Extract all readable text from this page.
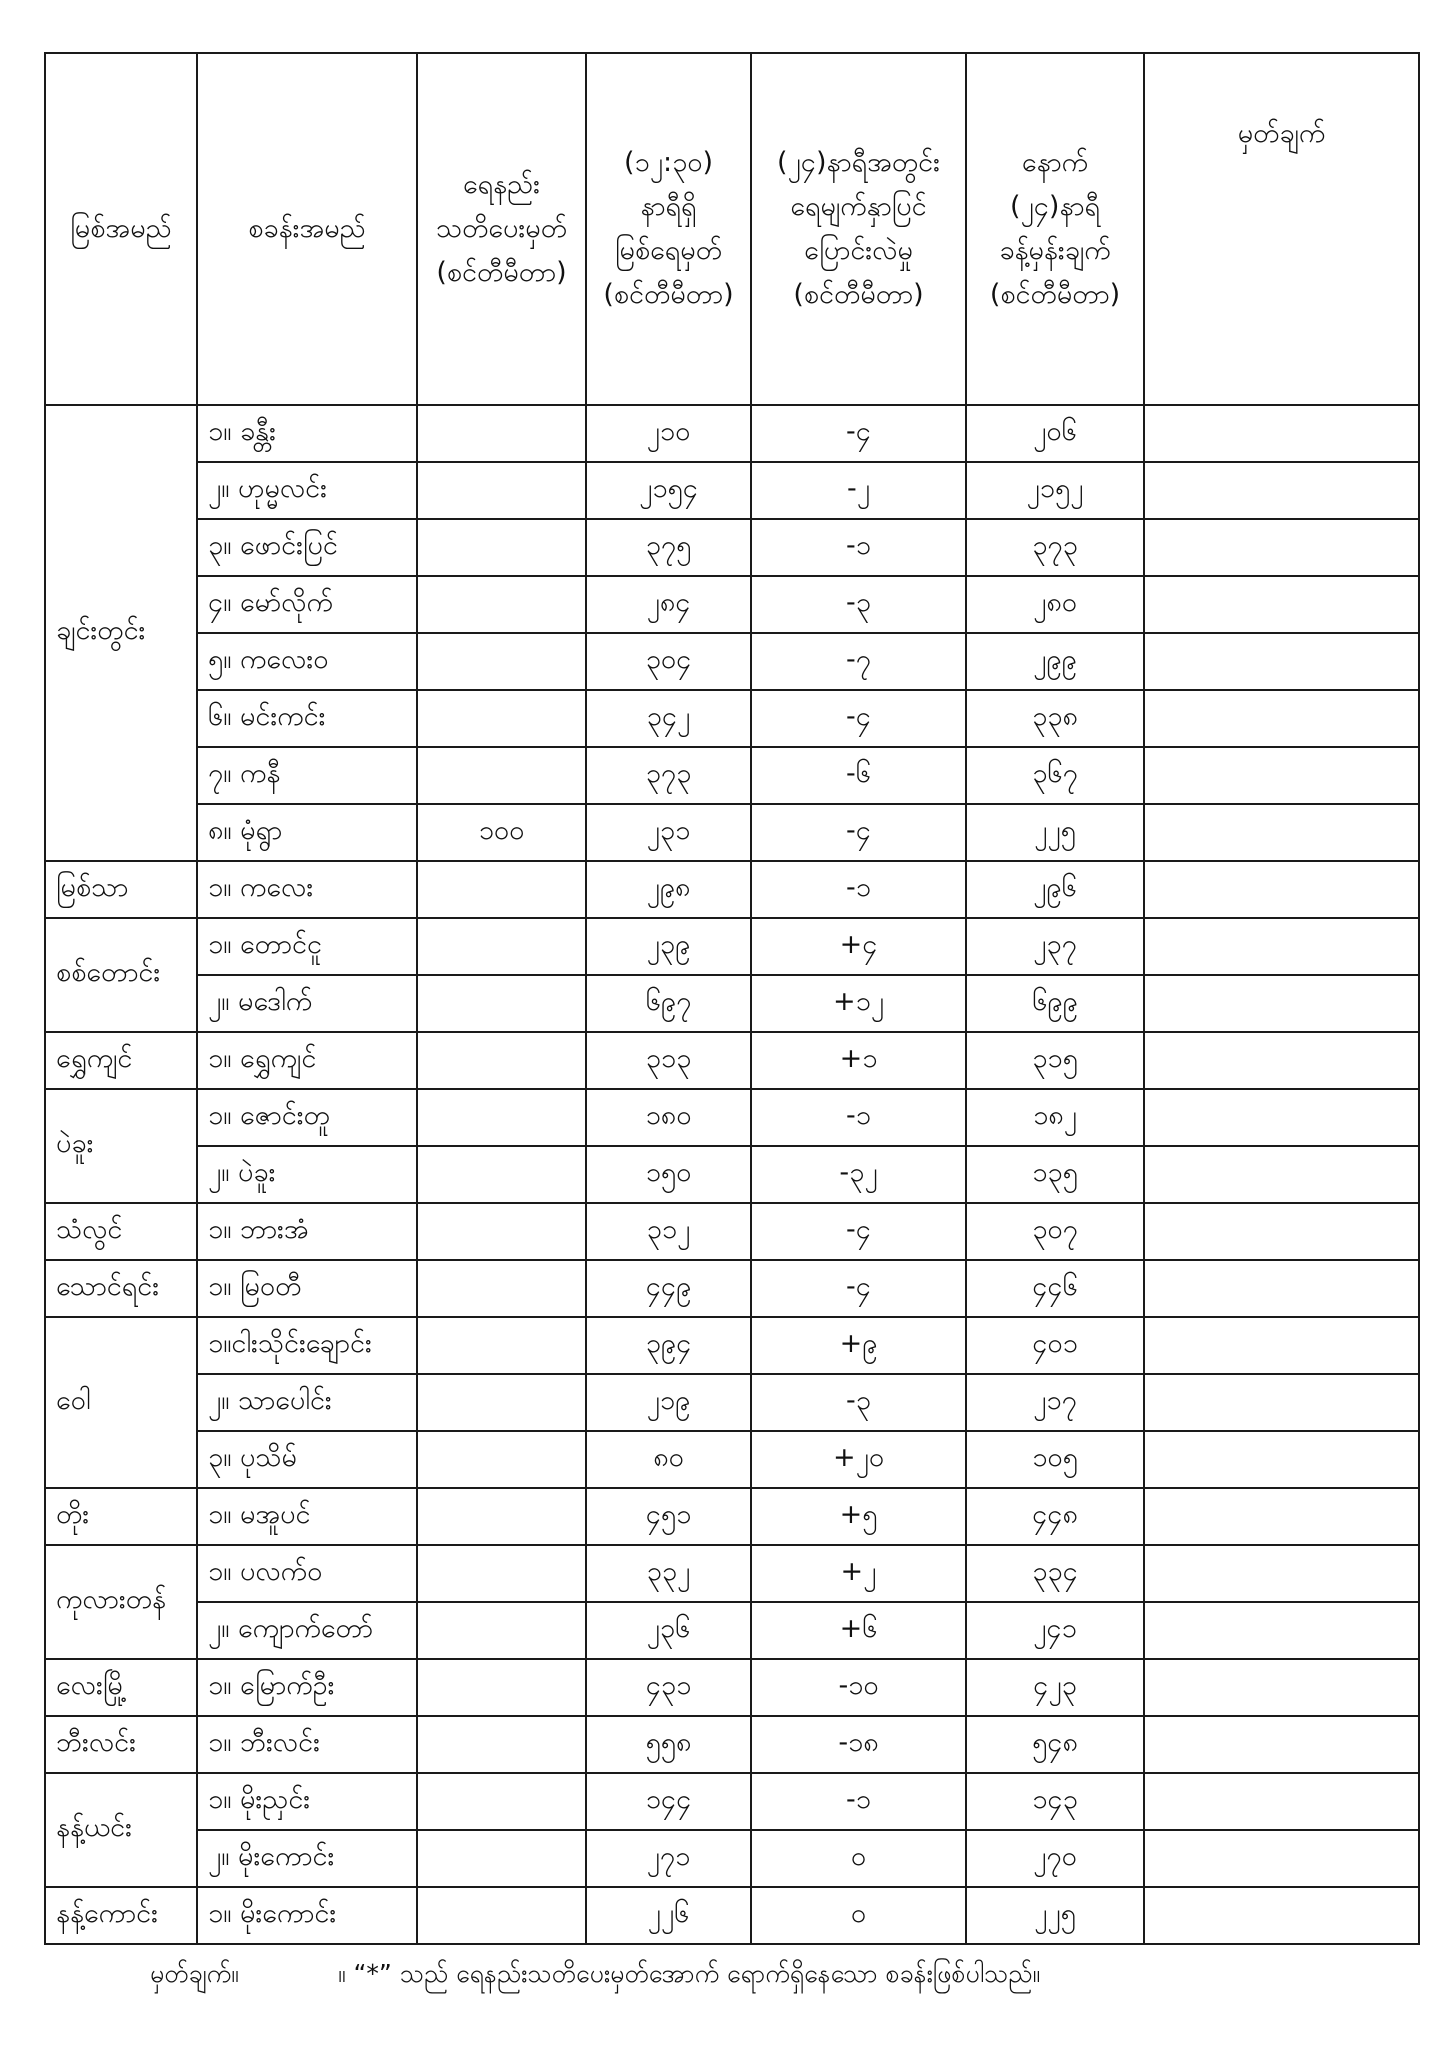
မြစ်အမည်	စခန်းအမည်	ရေနည်း
သတိပေးမှတ်
(စင်တီမီတာ)	(၁၂:၃၀)
နာရီရှိ
မြစ်ရေမှတ်
(စင်တီမီတာ)	(၂၄)နာရီအတွင်း
ရေမျက်နှာပြင်
ပြောင်းလဲမှု
(စင်တီမီတာ)	နောက်
(၂၄)နာရီ
ခန့်မှန်းချက်
(စင်တီမီတာ)	မှတ်ချက်

ချင်းတွင်း	၁။ ခန္တီး		၂၁၀	-၄	၂၀၆	
	၂။ ဟုမ္မလင်း		၂၁၅၄	-၂	၂၁၅၂	
	၃။ ဖောင်းပြင်		၃၇၅	-၁	၃၇၃	
	၄။ မော်လိုက်		၂၈၄	-၃	၂၈၀	
	၅။ ကလေးဝ		၃၀၄	-၇	၂၉၉	
	၆။ မင်းကင်း		၃၄၂	-၄	၃၃၈	
	၇။ ကနီ		၃၇၃	-၆	၃၆၇	
	၈။ မုံရွာ	၁၀၀	၂၃၁	-၄	၂၂၅	
မြစ်သာ	၁။ ကလေး		၂၉၈	-၁	၂၉၆	
စစ်တောင်း	၁။ တောင်ငူ		၂၃၉	+၄	၂၃၇	
	၂။ မဒေါက်		၆၉၇	+၁၂	၆၉၉	
ရွှေကျင်	၁။ ရွှေကျင်		၃၁၃	+၁	၃၁၅	
ပဲခူး	၁။ ဇောင်းတူ		၁၈၀	-၁	၁၈၂	
	၂။ ပဲခူး		၁၅၀	-၃၂	၁၃၅	
သံလွင်	၁။ ဘားအံ		၃၁၂	-၄	၃၀၇	
သောင်ရင်း	၁။ မြဝတီ		၄၄၉	-၄	၄၄၆	
ဝေါ	၁။ငါးသိုင်းချောင်း		၃၉၄	+၉	၄၀၁	
	၂။ သာပေါင်း		၂၁၉	-၃	၂၁၇	
	၃။ ပုသိမ်		၈၀	+၂၀	၁၀၅	
တိုး	၁။ မအူပင်		၄၅၁	+၅	၄၄၈	
ကုလားတန်	၁။ ပလက်ဝ		၃၃၂	+၂	၃၃၄	
	၂။ ကျောက်တော်		၂၃၆	+၆	၂၄၁	
လေးမြို့	၁။ မြောက်ဦး		၄၃၁	-၁၀	၄၂၃	
ဘီးလင်း	၁။ ဘီးလင်း		၅၅၈	-၁၈	၅၄၈	
နန့်ယင်း	၁။ မိုးညှင်း		၁၄၄	-၁	၁၄၃	
	၂။ မိုးကောင်း		၂၇၁	၀	၂၇၀	
နန့်ကောင်း	၁။ မိုးကောင်း		၂၂၆	၀	၂၂၅	
မှတ်ချက်။	။ “*” သည် ရေနည်းသတိပေးမှတ်အောက် ရောက်ရှိနေသော စခန်းဖြစ်ပါသည်။
